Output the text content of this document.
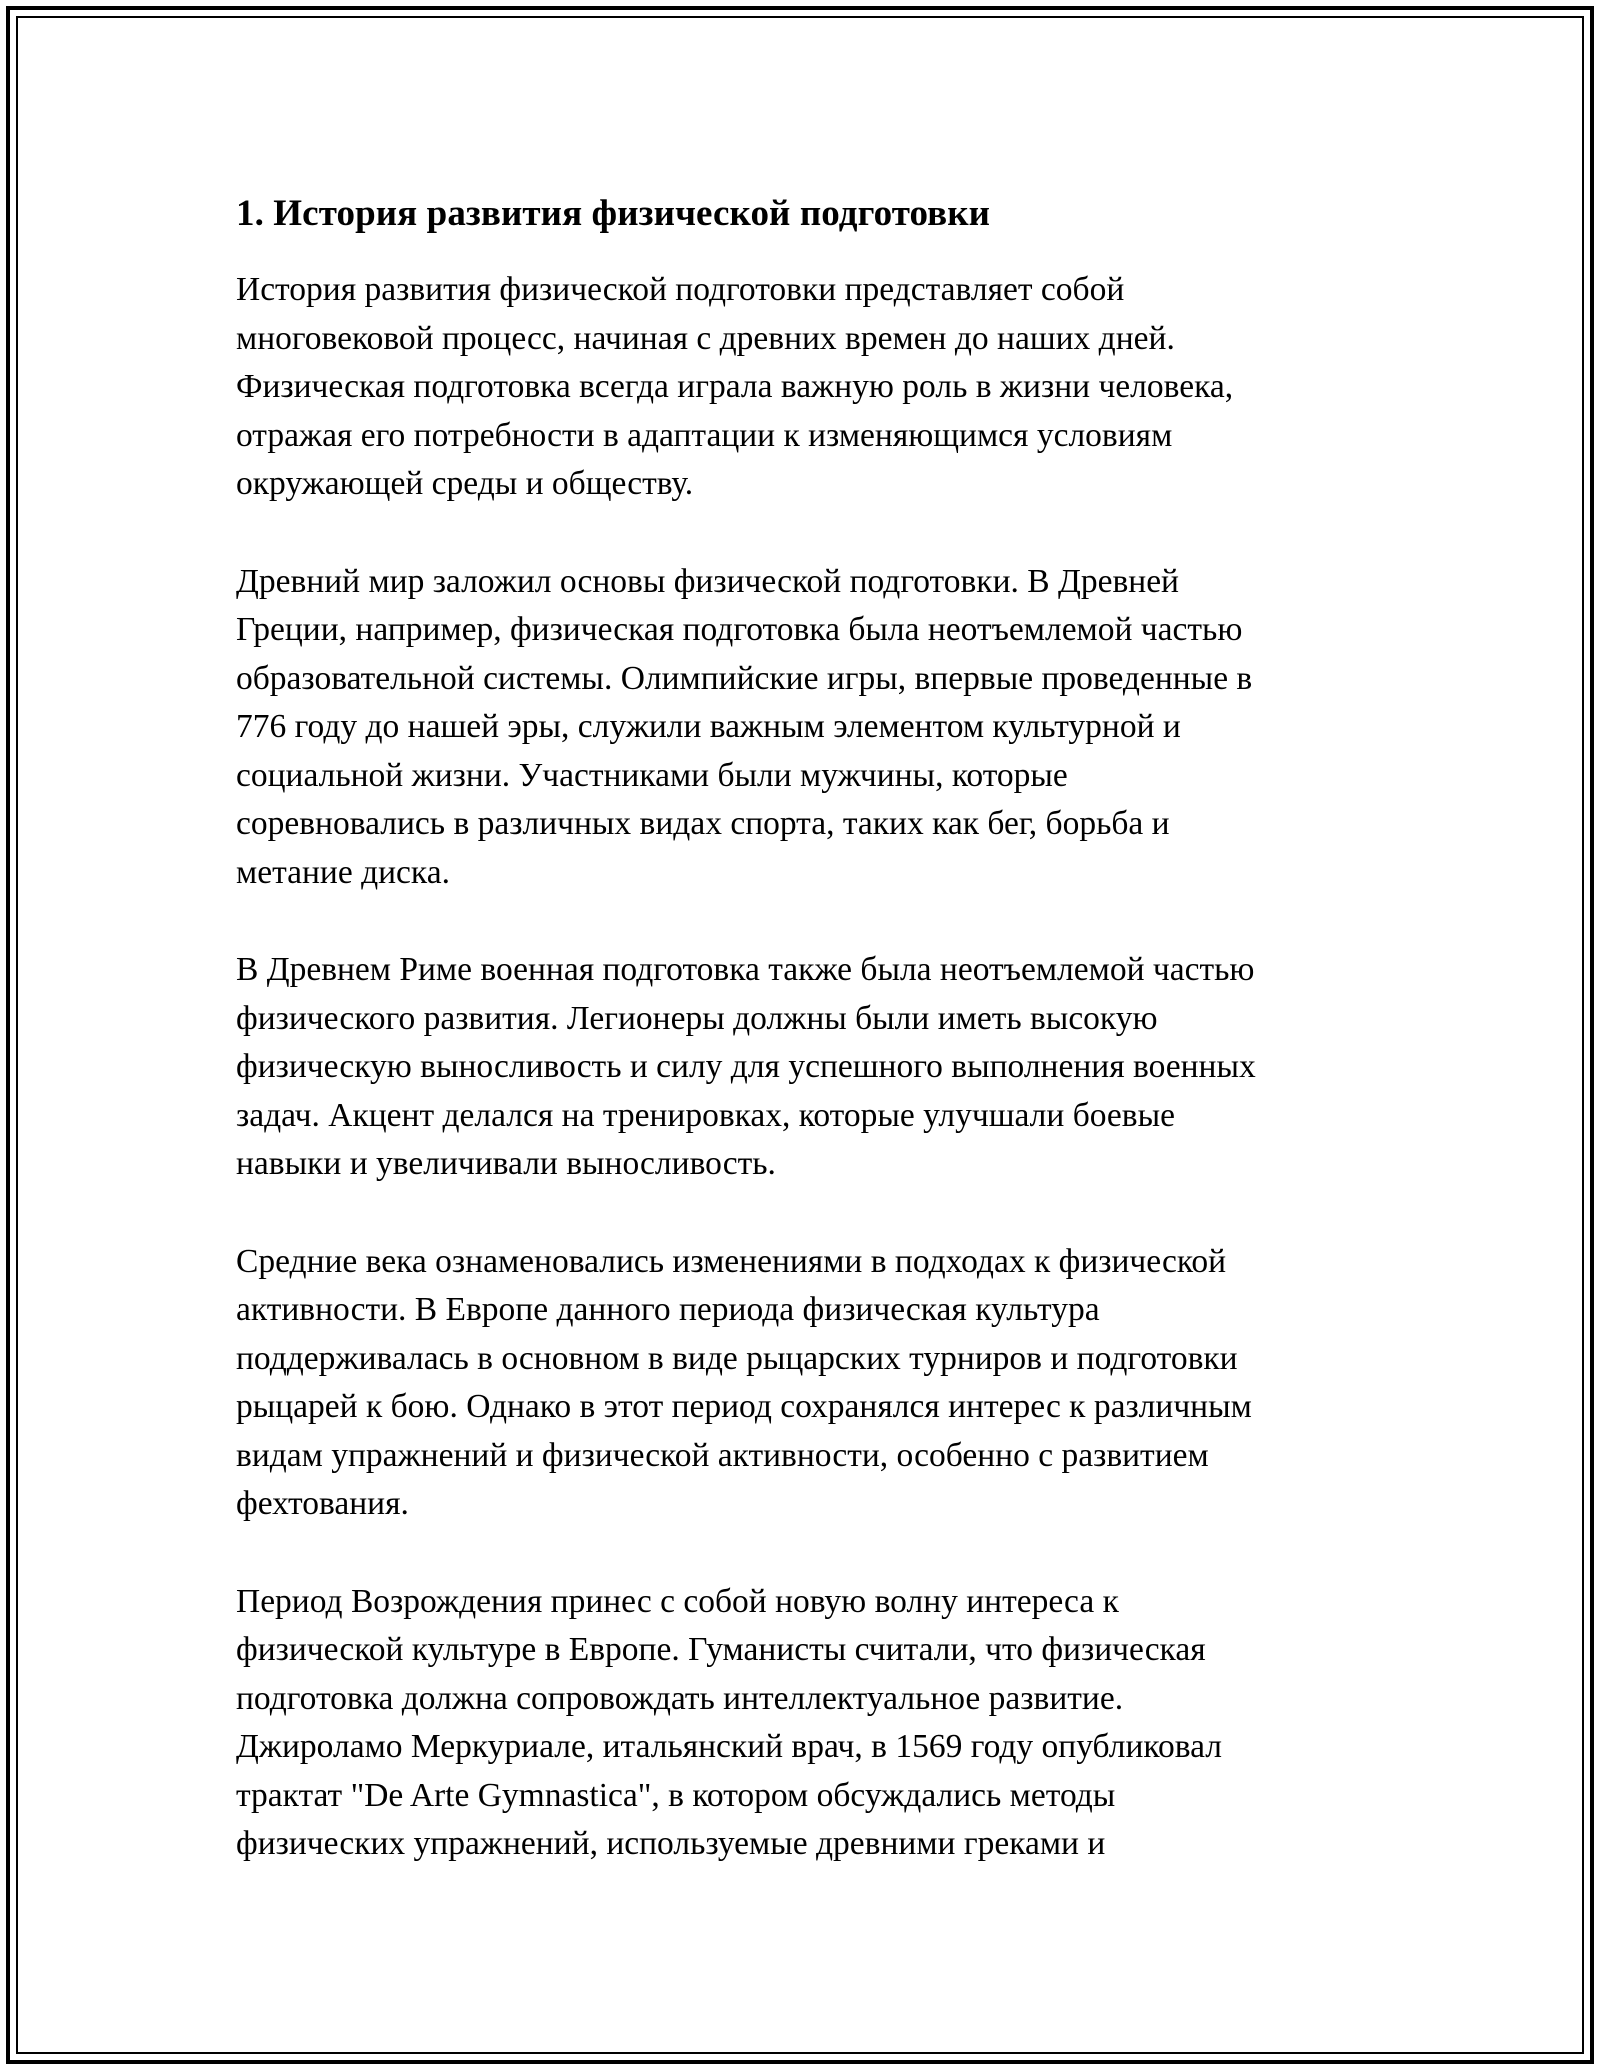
1. История развития физической подготовки

История развития физической подготовки представляет собой
многовековой процесс, начиная с древних времен до наших дней.
Физическая подготовка всегда играла важную роль в жизни человека,
отражая его потребности в адаптации к изменяющимся условиям
окружающей среды и обществу.

Древний мир заложил основы физической подготовки. В Древней
Греции, например, физическая подготовка была неотъемлемой частью
образовательной системы. Олимпийские игры, впервые проведенные в
776 году до нашей эры, служили важным элементом культурной и
социальной жизни. Участниками были мужчины, которые
соревновались в различных видах спорта, таких как бег, борьба и
метание диска.

В Древнем Риме военная подготовка также была неотъемлемой частью
физического развития. Легионеры должны были иметь высокую
физическую выносливость и силу для успешного выполнения военных
задач. Акцент делался на тренировках, которые улучшали боевые
навыки и увеличивали выносливость.

Средние века ознаменовались изменениями в подходах к физической
активности. В Европе данного периода физическая культура
поддерживалась в основном в виде рыцарских турниров и подготовки
рыцарей к бою. Однако в этот период сохранялся интерес к различным
видам упражнений и физической активности, особенно с развитием
фехтования.

Период Возрождения принес с собой новую волну интереса к
физической культуре в Европе. Гуманисты считали, что физическая
подготовка должна сопровождать интеллектуальное развитие.
Джироламо Меркуриале, итальянский врач, в 1569 году опубликовал
трактат "De Arte Gymnastica", в котором обсуждались методы
физических упражнений, используемые древними греками и
